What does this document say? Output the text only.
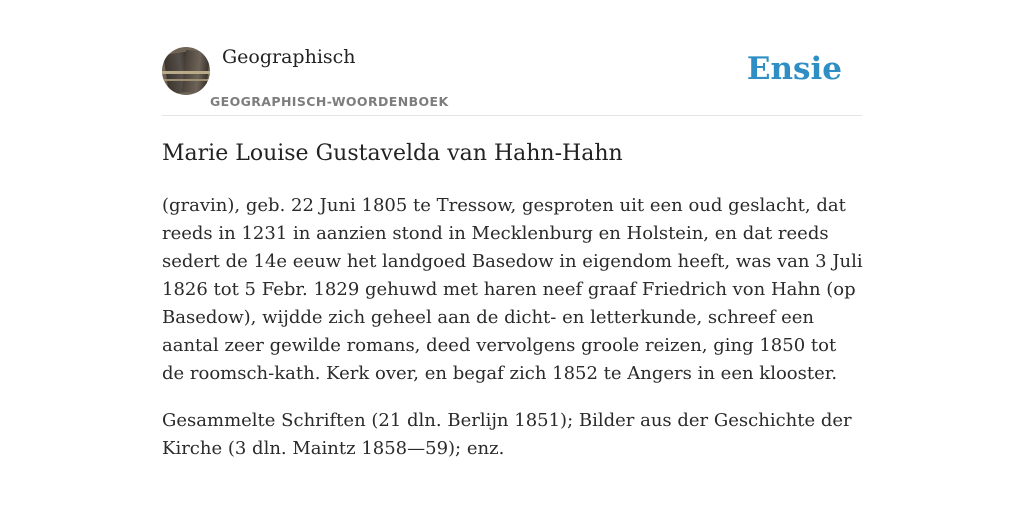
Geographisch
GEOGRAPHISCH-WOORDENBOEK
Ensie
Marie Louise Gustavelda van Hahn-Hahn

(gravin), geb. 22 Juni 1805 te Tressow, gesproten uit een oud geslacht, dat reeds in 1231 in aanzien stond in Mecklenburg en Holstein, en dat reeds sedert de 14e eeuw het landgoed Basedow in eigendom heeft, was van 3 Juli 1826 tot 5 Febr. 1829 gehuwd met haren neef graaf Friedrich von Hahn (op Basedow), wijdde zich geheel aan de dicht- en letterkunde, schreef een aantal zeer gewilde romans, deed vervolgens groole reizen, ging 1850 tot de roomsch-kath. Kerk over, en begaf zich 1852 te Angers in een klooster.

Gesammelte Schriften (21 dln. Berlijn 1851); Bilder aus der Geschichte der Kirche (3 dln. Maintz 1858—59); enz.
